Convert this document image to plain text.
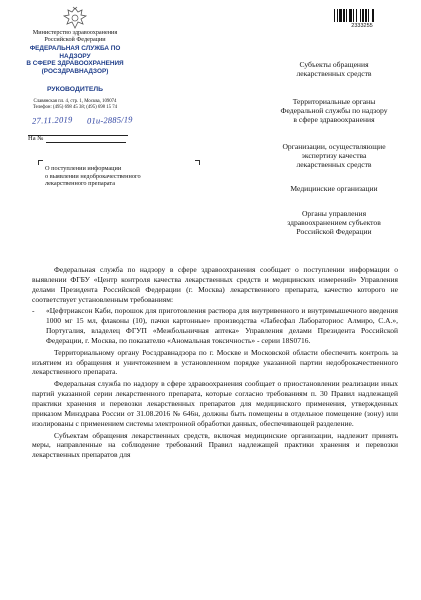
Министерство здравоохранения
Российской Федерации
ФЕДЕРАЛЬНАЯ СЛУЖБА ПО НАДЗОРУ
В СФЕРЕ ЗДРАВООХРАНЕНИЯ
(РОСЗДРАВНАДЗОР)
РУКОВОДИТЕЛЬ
Славянская пл. 4, стр. 1, Москва, 109074
Телефон: (495) 698 45 38; (495) 698 15 74
2333255
27.11.2019 01и-2885/19
На №
О поступлении информации
о выявлении недоброкачественного
лекарственного препарата
Субъекты обращения
лекарственных средств
Территориальные органы
Федеральной службы по надзору
в сфере здравоохранения
Организации, осуществляющие
экспертизу качества
лекарственных средств
Медицинские организации
Органы управления
здравоохранением субъектов
Российской Федерации

Федеральная служба по надзору в сфере здравоохранения сообщает о поступлении информации о выявлении ФГБУ «Центр контроля качества лекарственных средств и медицинских измерений» Управления делами Президента Российской Федерации (г. Москва) лекарственного препарата, качество которого не соответствует установленным требованиям:

- «Цефтриаксон Каби, порошок для приготовления раствора для внутривенного и внутримышечного введения 1000 мг 15 мл, флаконы (10), пачки картонные» производства «Лабесфал Лабораториос Алмиро, С.А.», Португалия, владелец ФГУП «Межбольничная аптека» Управления делами Президента Российской Федерации, г. Москва, по показателю «Аномальная токсичность» - серии 18S0716.

Территориальному органу Росздравнадзора по г. Москве и Московской области обеспечить контроль за изъятием из обращения и уничтожением в установленном порядке указанной партии недоброкачественного лекарственного препарата.

Федеральная служба по надзору в сфере здравоохранения сообщает о приостановлении реализации иных партий указанной серии лекарственного препарата, которые согласно требованиям п. 30 Правил надлежащей практики хранения и перевозки лекарственных препаратов для медицинского применения, утвержденных приказом Минздрава России от 31.08.2016 № 646н, должны быть помещены в отдельное помещение (зону) или изолированы с применением системы электронной обработки данных, обеспечивающей разделение.

Субъектам обращения лекарственных средств, включая медицинские организации, надлежит принять меры, направленные на соблюдение требований Правил надлежащей практики хранения и перевозки лекарственных препаратов для
